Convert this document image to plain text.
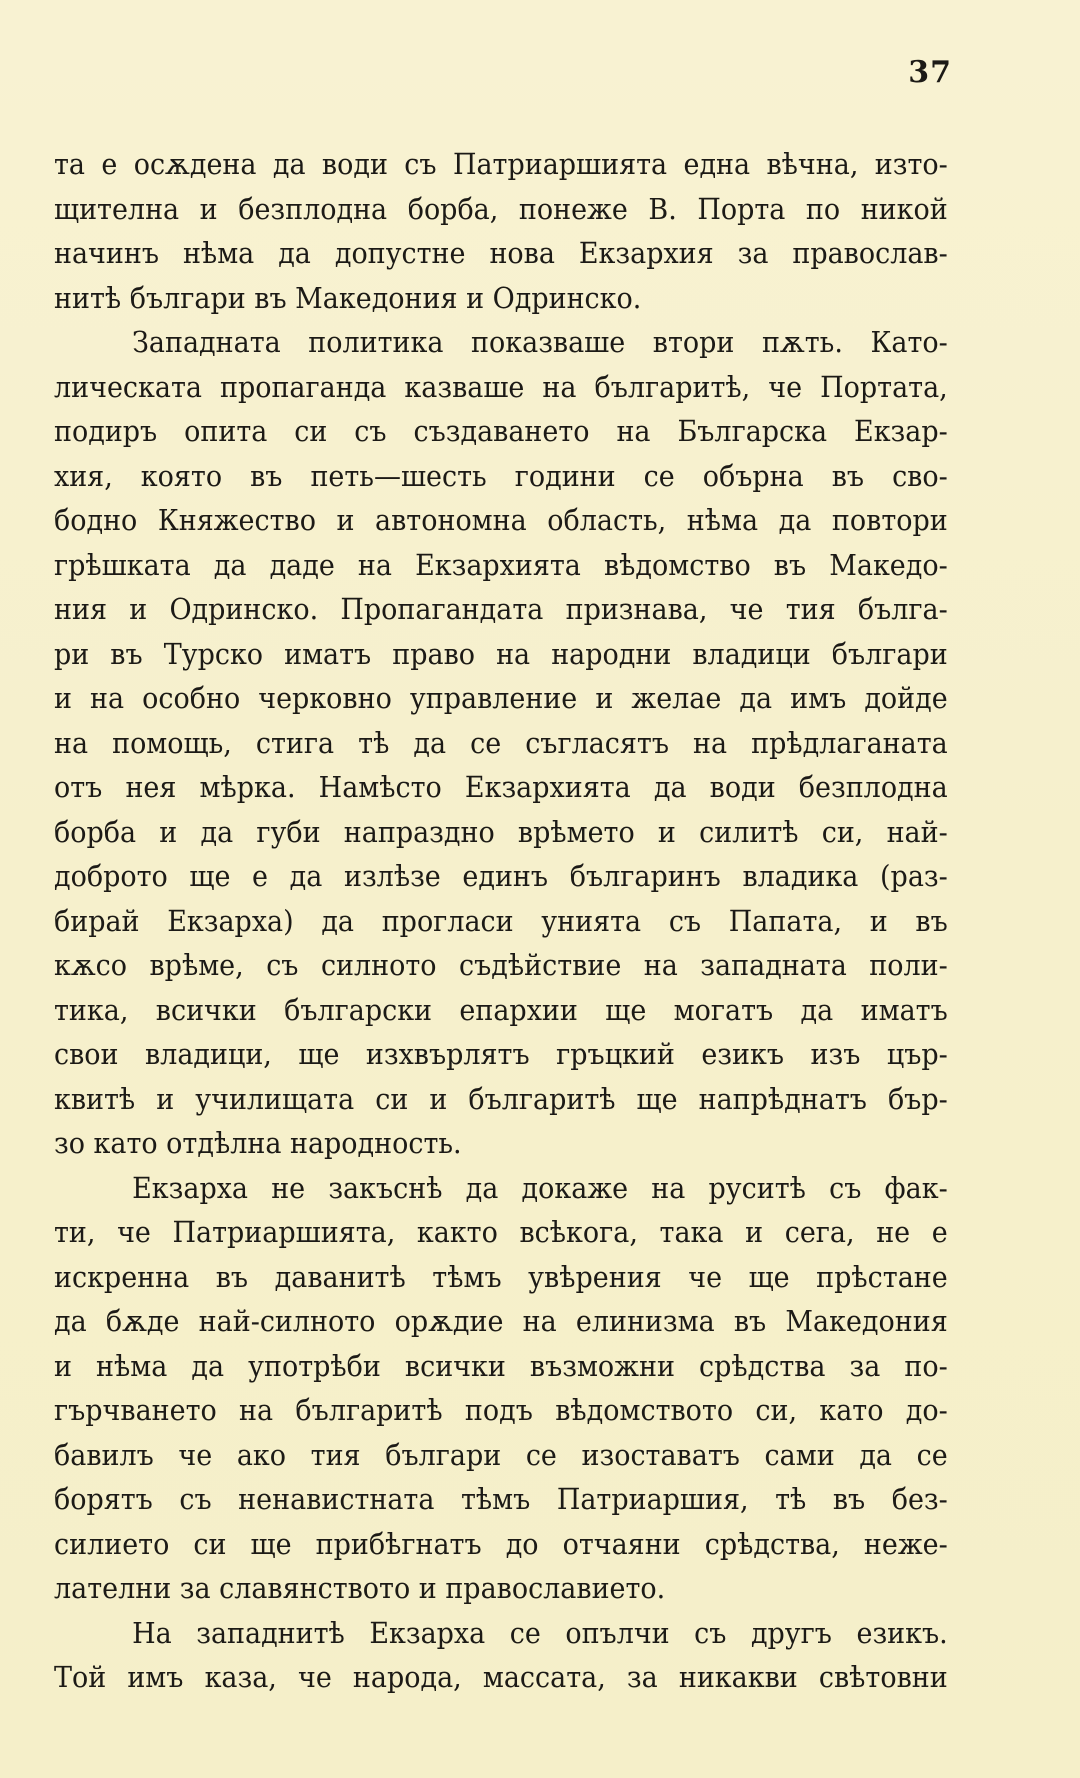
37
та е осѫдена да води съ Патриаршията една вѣчна, изто-
щителна и безплодна борба, понеже В. Порта по никой
начинъ нѣма да допустне нова Екзархия за православ-
нитѣ българи въ Македония и Одринско.
Западната политика показваше втори пѫть. Като-
лическата пропаганда казваше на българитѣ, че Портата,
подиръ опита си съ създаването на Българска Екзар-
хия, която въ петь—шесть години се обърна въ сво-
бодно Княжество и автономна область, нѣма да повтори
грѣшката да даде на Екзархията вѣдомство въ Македо-
ния и Одринско. Пропагандата признава, че тия бълга-
ри въ Турско иматъ право на народни владици българи
и на особно черковно управление и желае да имъ дойде
на помощь, стига тѣ да се съгласятъ на прѣдлаганата
отъ нея мѣрка. Намѣсто Екзархията да води безплодна
борба и да губи напраздно врѣмето и силитѣ си, най-
доброто ще е да излѣзе единъ българинъ владика (раз-
бирай Екзарха) да прогласи унията съ Папата, и въ
кѫсо врѣме, съ силното съдѣйствие на западната поли-
тика, всички български епархии ще могатъ да иматъ
свои владици, ще изхвърлятъ гръцкий езикъ изъ цър-
квитѣ и училищата си и българитѣ ще напрѣднатъ бър-
зо като отдѣлна народность.
Екзарха не закъснѣ да докаже на руситѣ съ фак-
ти, че Патриаршията, както всѣкога, така и сега, не е
искренна въ даванитѣ тѣмъ увѣрения че ще прѣстане
да бѫде най-силното орѫдие на елинизма въ Македония
и нѣма да употрѣби всички възможни срѣдства за по-
гърчването на българитѣ подъ вѣдомството си, като до-
бавилъ че ако тия българи се изоставатъ сами да се
борятъ съ ненавистната тѣмъ Патриаршия, тѣ въ без-
силието си ще прибѣгнатъ до отчаяни срѣдства, неже-
лателни за славянството и православието.
На западнитѣ Екзарха се опълчи съ другъ езикъ.
Той имъ каза, че народа, массата, за никакви свѣтовни
